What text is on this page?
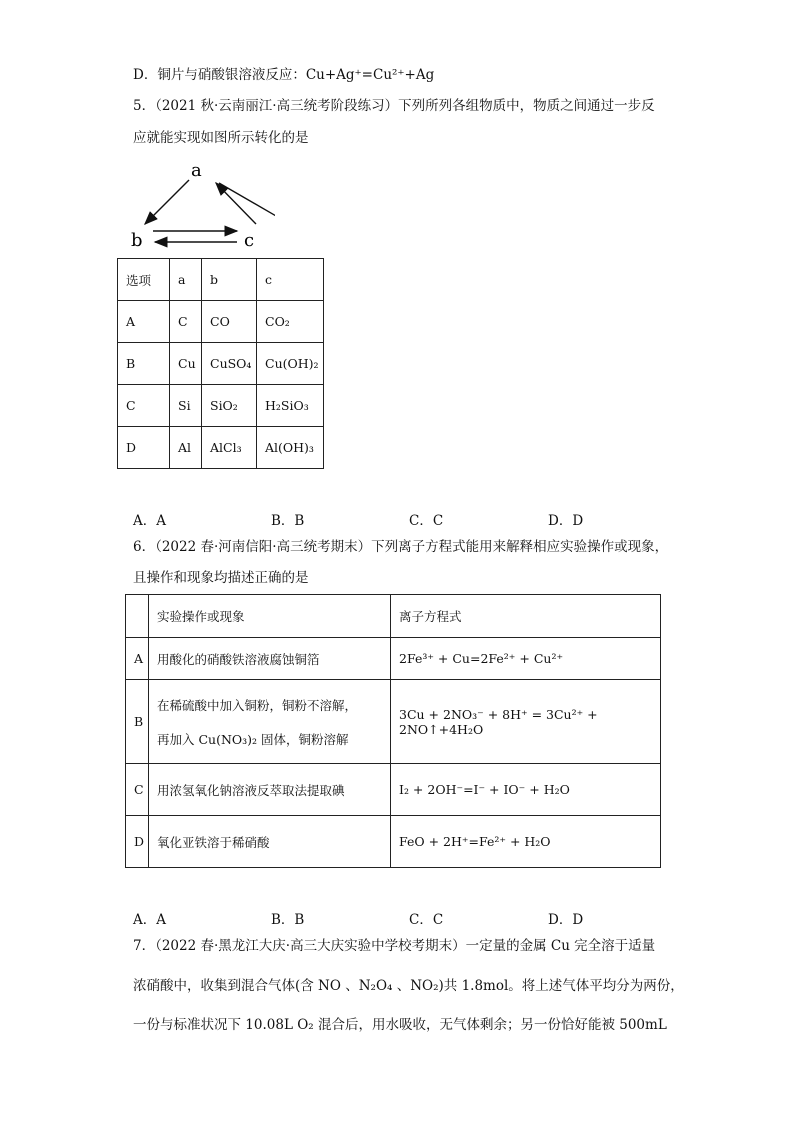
D．铜片与硝酸银溶液反应：Cu+Ag⁺=Cu²⁺+Ag
5．（2021 秋·云南丽江·高三统考阶段练习）下列所列各组物质中，物质之间通过一步反
应就能实现如图所示转化的是
a
b	c
选项	a	b	c
A	C	CO	CO₂
B	Cu	CuSO₄	Cu(OH)₂
C	Si	SiO₂	H₂SiO₃
D	Al	AlCl₃	Al(OH)₃
A．A	B．B	C．C	D．D
6．（2022 春·河南信阳·高三统考期末）下列离子方程式能用来解释相应实验操作或现象，
且操作和现象均描述正确的是
	实验操作或现象	离子方程式
A	用酸化的硝酸铁溶液腐蚀铜箔	2Fe³⁺ + Cu=2Fe²⁺ + Cu²⁺
B	在稀硫酸中加入铜粉，铜粉不溶解，
再加入 Cu(NO₃)₂ 固体，铜粉溶解	3Cu + 2NO₃⁻ + 8H⁺ = 3Cu²⁺ + 2NO↑+4H₂O
C	用浓氢氧化钠溶液反萃取法提取碘	I₂ + 2OH⁻=I⁻ + IO⁻ + H₂O
D	氧化亚铁溶于稀硝酸	FeO + 2H⁺=Fe²⁺ + H₂O
A．A	B．B	C．C	D．D
7．（2022 春·黑龙江大庆·高三大庆实验中学校考期末）一定量的金属 Cu 完全溶于适量
浓硝酸中，收集到混合气体(含 NO 、N₂O₄ 、NO₂)共 1.8mol。将上述气体平均分为两份，
一份与标准状况下 10.08L O₂ 混合后，用水吸收，无气体剩余；另一份恰好能被 500mL
